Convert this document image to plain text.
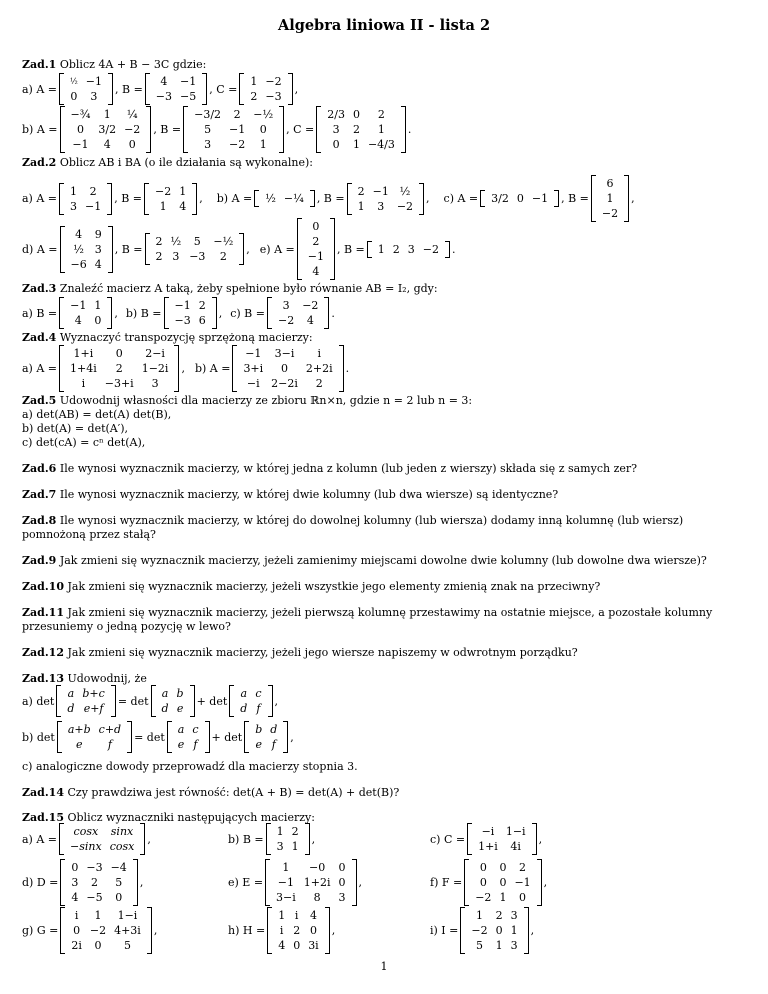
Algebra liniowa II - lista 2
Zad.1 Oblicz 4A + B − 3C gdzie:
a) A =
½	−1
0	3
, B =
4	−1
−3	−5
, C =
1	−2
2	−3
,
b) A =
−¾	1	¼
0	3/2	−2
−1	4	0
, B =
−3/2	2	−½
5	−1	0
3	−2	1
, C =
2/3	0	2
3	2	1
0	1	−4/3
.
Zad.2 Oblicz AB i BA (o ile działania są wykonalne):
a) A =
1	2
3	−1
, B =
−2	1
1	4
, b) A = ½	−¼ , B =
2	−1	½
1	3	−2
, c) A = 3/2	0	−1 , B =
6
1
−2
,
d) A =
4	9
½	3
−6	4
, B =
2	½	5	−½
2	3	−3	2
, e) A =
0
2
−1
4
, B = 1	2	3	−2 .
Zad.3 Znaleźć macierz A taką, żeby spełnione było równanie AB = I₂, gdy:
a) B =
−1	1
4	0
, b) B =
−1	2
−3	6
, c) B =
3	−2
−2	4
.
Zad.4 Wyznaczyć transpozycję sprzężoną macierzy:
a) A =
1+i	0	2−i
1+4i	2	1−2i
i	−3+i	3
, b) A =
−1	3−i	i
3+i	0	2+2i
−i	2−2i	2
.
Zad.5 Udowodnij własności dla macierzy ze zbioru ℝn×n, gdzie n = 2 lub n = 3:
a) det(AB) = det(A) det(B),
b) det(A) = det(A′),
c) det(cA) = cⁿ det(A),
Zad.6 Ile wynosi wyznacznik macierzy, w której jedna z kolumn (lub jeden z wierszy) składa się z samych zer?
Zad.7 Ile wynosi wyznacznik macierzy, w której dwie kolumny (lub dwa wiersze) są identyczne?
Zad.8 Ile wynosi wyznacznik macierzy, w której do dowolnej kolumny (lub wiersza) dodamy inną kolumnę (lub wiersz) pomnożoną przez stałą?
Zad.9 Jak zmieni się wyznacznik macierzy, jeżeli zamienimy miejscami dowolne dwie kolumny (lub dowolne dwa wiersze)?
Zad.10 Jak zmieni się wyznacznik macierzy, jeżeli wszystkie jego elementy zmienią znak na przeciwny?
Zad.11 Jak zmieni się wyznacznik macierzy, jeżeli pierwszą kolumnę przestawimy na ostatnie miejsce, a pozostałe kolumny przesuniemy o jedną pozycję w lewo?
Zad.12 Jak zmieni się wyznacznik macierzy, jeżeli jego wiersze napiszemy w odwrotnym porządku?
Zad.13 Udowodnij, że
a) det
a	b+c
d	e+f
= det
a	b
d	e
+ det
a	c
d	f
,
b) det
a+b	c+d
e	f
= det
a	c
e	f
+ det
b	d
e	f
,
c) analogiczne dowody przeprowadź dla macierzy stopnia 3.
Zad.14 Czy prawdziwa jest równość: det(A + B) = det(A) + det(B)?
Zad.15 Oblicz wyznaczniki następujących macierzy:
a) A =
cosx	sinx
−sinx	cosx
,	b) B =
1	2
3	1
,	c) C =
−i	1−i
1+i	4i
,
d) D =
0	−3	−4
3	2	5
4	−5	0
,	e) E =
1	−0	0
−1	1+2i	0
3−i	8	3
,	f) F =
0	0	2
0	0	−1
−2	1	0
,
g) G =
i	1	1−i
0	−2	4+3i
2i	0	5
,	h) H =
1	i	4
i	2	0
4	0	3i
,	i) I =
1	2	3
−2	0	1
5	1	3
,
1
